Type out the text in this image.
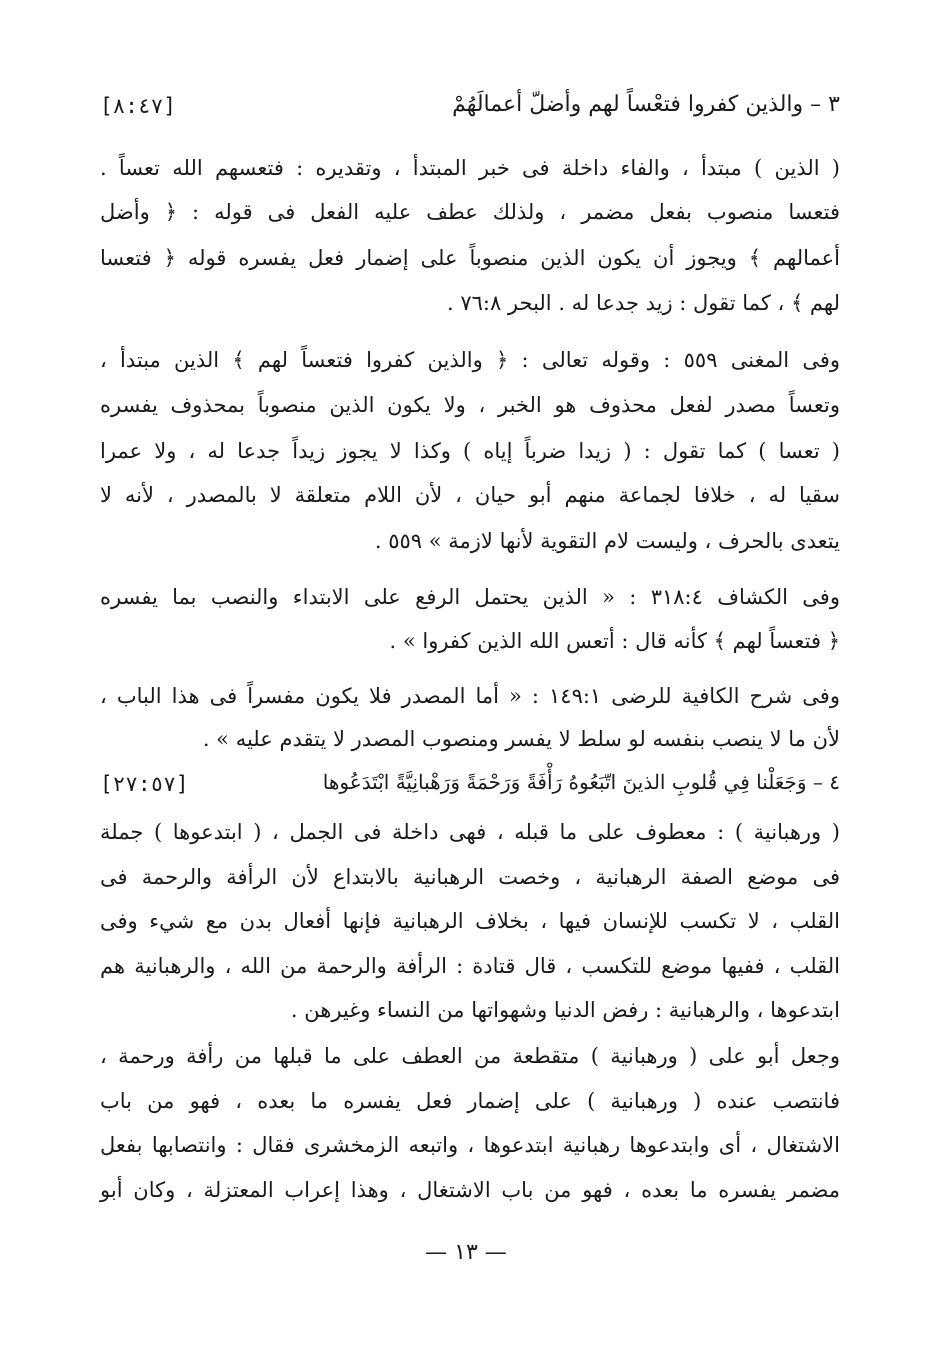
[٨:٤٧]	٣ – والذين كفروا فتعْساً لهم وأضلّ أعمالَهُمْ
( الذين ) مبتدأ ، والفاء داخلة فى خبر المبتدأ ، وتقديره : فتعسهم الله تعساً .
فتعسا منصوب بفعل مضمر ، ولذلك عطف عليه الفعل فى قوله : ﴿ وأضل
أعمالهم ﴾ ويجوز أن يكون الذين منصوباً على إضمار فعل يفسره قوله ﴿ فتعسا
لهم ﴾ ، كما تقول : زيد جدعا له . البحر ٧٦:٨ .
وفى المغنى ٥٥٩ : وقوله تعالى : ﴿ والذين كفروا فتعساً لهم ﴾ الذين مبتدأ ،
وتعساً مصدر لفعل محذوف هو الخبر ، ولا يكون الذين منصوباً بمحذوف يفسره
( تعسا ) كما تقول : ( زيدا ضرباً إياه ) وكذا لا يجوز زيداً جدعا له ، ولا عمرا
سقيا له ، خلافا لجماعة منهم أبو حيان ، لأن اللام متعلقة لا بالمصدر ، لأنه لا
يتعدى بالحرف ، وليست لام التقوية لأنها لازمة » ٥٥٩ .
وفى الكشاف ٣١٨:٤ : « الذين يحتمل الرفع على الابتداء والنصب بما يفسره
﴿ فتعساً لهم ﴾ كأنه قال : أتعس الله الذين كفروا » .
وفى شرح الكافية للرضى ١٤٩:١ : « أما المصدر فلا يكون مفسراً فى هذا الباب ،
لأن ما لا ينصب بنفسه لو سلط لا يفسر ومنصوب المصدر لا يتقدم عليه » .
[٢٧:٥٧]	٤ – وَجَعَلْنا فِي قُلوبِ الذينَ اتّبَعُوهُ رَأْفَةً وَرَحْمَةً وَرَهْبانِيَّةً ابْتَدَعُوها
( ورهبانية ) : معطوف على ما قبله ، فهى داخلة فى الجمل ، ( ابتدعوها ) جملة
فى موضع الصفة الرهبانية ، وخصت الرهبانية بالابتداع لأن الرأفة والرحمة فى
القلب ، لا تكسب للإنسان فيها ، بخلاف الرهبانية فإنها أفعال بدن مع شيء وفى
القلب ، ففيها موضع للتكسب ، قال قتادة : الرأفة والرحمة من الله ، والرهبانية هم
ابتدعوها ، والرهبانية : رفض الدنيا وشهواتها من النساء وغيرهن .
وجعل أبو على ( ورهبانية ) متقطعة من العطف على ما قبلها من رأفة ورحمة ،
فانتصب عنده ( ورهبانية ) على إضمار فعل يفسره ما بعده ، فهو من باب
الاشتغال ، أى وابتدعوها رهبانية ابتدعوها ، واتبعه الزمخشرى فقال : وانتصابها بفعل
مضمر يفسره ما بعده ، فهو من باب الاشتغال ، وهذا إعراب المعتزلة ، وكان أبو
— ١٣ —
